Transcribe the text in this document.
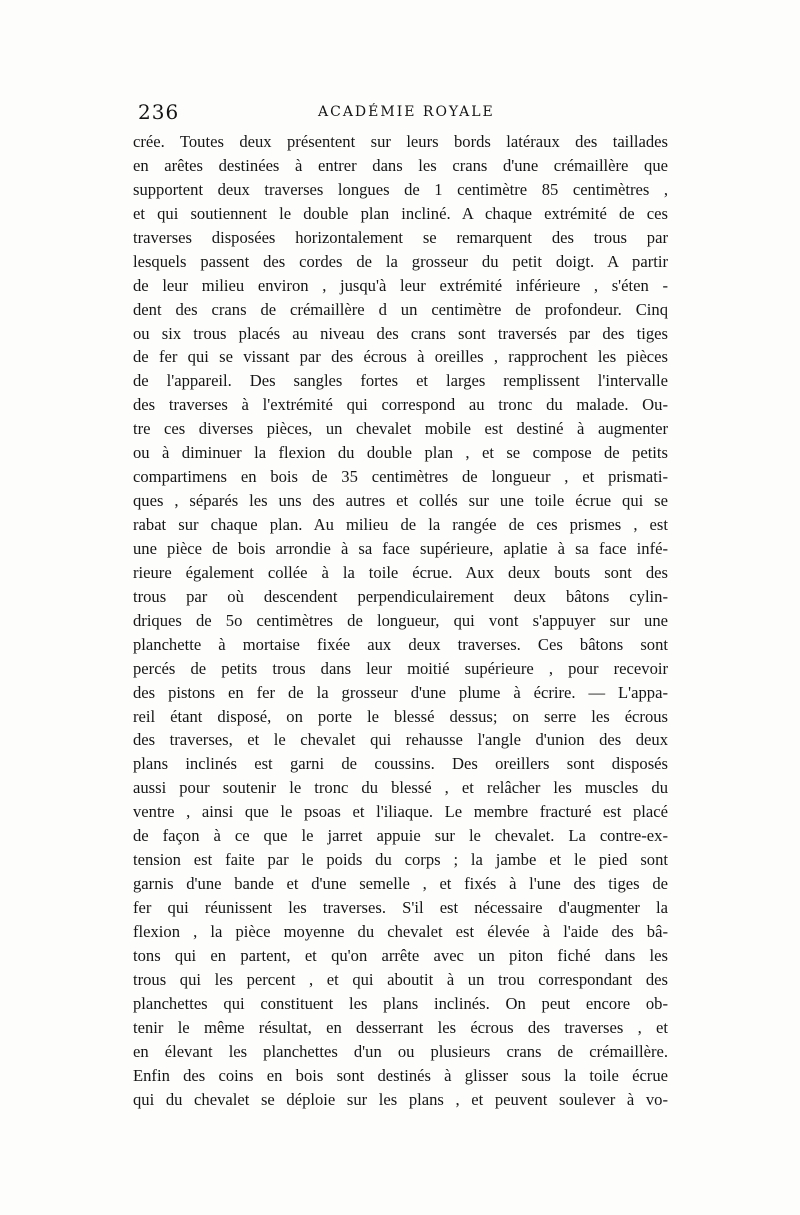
236	ACADÉMIE ROYALE
crée. Toutes deux présentent sur leurs bords latéraux des taillades
en arêtes destinées à entrer dans les crans d'une crémaillère que
supportent deux traverses longues de 1 centimètre 85 centimètres ,
et qui soutiennent le double plan incliné. A chaque extrémité de ces
traverses disposées horizontalement se remarquent des trous par
lesquels passent des cordes de la grosseur du petit doigt. A partir
de leur milieu environ , jusqu'à leur extrémité inférieure , s'éten -
dent des crans de crémaillère d un centimètre de profondeur. Cinq
ou six trous placés au niveau des crans sont traversés par des tiges
de fer qui se vissant par des écrous à oreilles , rapprochent les pièces
de l'appareil. Des sangles fortes et larges remplissent l'intervalle
des traverses à l'extrémité qui correspond au tronc du malade. Ou-
tre ces diverses pièces, un chevalet mobile est destiné à augmenter
ou à diminuer la flexion du double plan , et se compose de petits
compartimens en bois de 35 centimètres de longueur , et prismati-
ques , séparés les uns des autres et collés sur une toile écrue qui se
rabat sur chaque plan. Au milieu de la rangée de ces prismes , est
une pièce de bois arrondie à sa face supérieure, aplatie à sa face infé-
rieure également collée à la toile écrue. Aux deux bouts sont des
trous par où descendent perpendiculairement deux bâtons cylin-
driques de 5o centimètres de longueur, qui vont s'appuyer sur une
planchette à mortaise fixée aux deux traverses. Ces bâtons sont
percés de petits trous dans leur moitié supérieure , pour recevoir
des pistons en fer de la grosseur d'une plume à écrire. — L'appa-
reil étant disposé, on porte le blessé dessus; on serre les écrous
des traverses, et le chevalet qui rehausse l'angle d'union des deux
plans inclinés est garni de coussins. Des oreillers sont disposés
aussi pour soutenir le tronc du blessé , et relâcher les muscles du
ventre , ainsi que le psoas et l'iliaque. Le membre fracturé est placé
de façon à ce que le jarret appuie sur le chevalet. La contre-ex-
tension est faite par le poids du corps ; la jambe et le pied sont
garnis d'une bande et d'une semelle , et fixés à l'une des tiges de
fer qui réunissent les traverses. S'il est nécessaire d'augmenter la
flexion , la pièce moyenne du chevalet est élevée à l'aide des bâ-
tons qui en partent, et qu'on arrête avec un piton fiché dans les
trous qui les percent , et qui aboutit à un trou correspondant des
planchettes qui constituent les plans inclinés. On peut encore ob-
tenir le même résultat, en desserrant les écrous des traverses , et
en élevant les planchettes d'un ou plusieurs crans de crémaillère.
Enfin des coins en bois sont destinés à glisser sous la toile écrue
qui du chevalet se déploie sur les plans , et peuvent soulever à vo-
